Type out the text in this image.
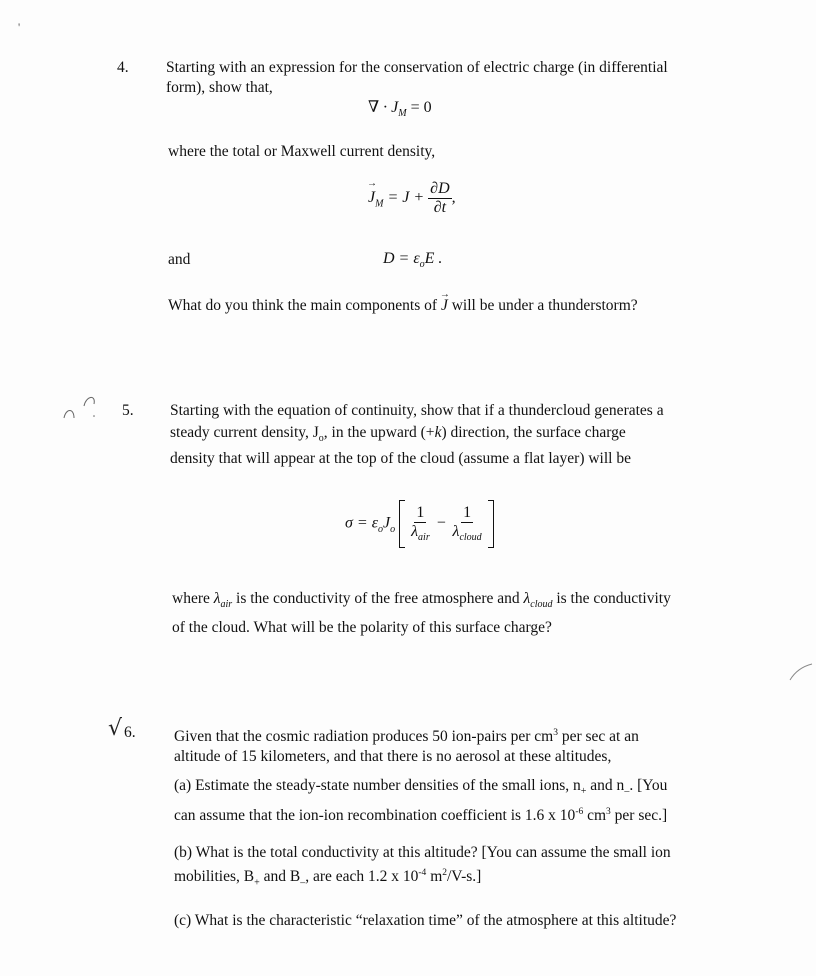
'
4. Starting with an expression for the conservation of electric charge (in differential
form), show that,
∇ · $J_M = 0$
where the total or Maxwell current density,
$J \to_M = J + \frac{\partial D}{\partial t}$ ,
and	$D = \varepsilon_oE$ .
What do you think the main components of J → will be under a thunderstorm?
5. Starting with the equation of continuity, show that if a thundercloud generates a
steady current density, $J_o$, in the upward (+k) direction, the surface charge
density that will appear at the top of the cloud (assume a flat layer) will be
$\sigma = \varepsilon_oJ_o \frac{1}{\lambda_{air}} - \frac{1}{\lambda_{cloud}}$

where $\lambda_{air}$ is the conductivity of the free atmosphere and $\lambda_{cloud}$ is the conductivity
of the cloud. What will be the polarity of this surface charge?
√ 6. Given that the cosmic radiation produces 50 ion-pairs per $cm^3$ per sec at an
altitude of 15 kilometers, and that there is no aerosol at these altitudes,
(a) Estimate the steady-state number densities of the small ions, $n_+$ and $n_-$. [You
can assume that the ion-ion recombination coefficient is 1.6 x $10^{-6}$ $cm^3$ per sec.]
(b) What is the total conductivity at this altitude? [You can assume the small ion
mobilities, $B_+$ and $B_-$, are each 1.2 x $10^{-4}$ $m^2/V-s$.]
(c) What is the characteristic “relaxation time” of the atmosphere at this altitude?
